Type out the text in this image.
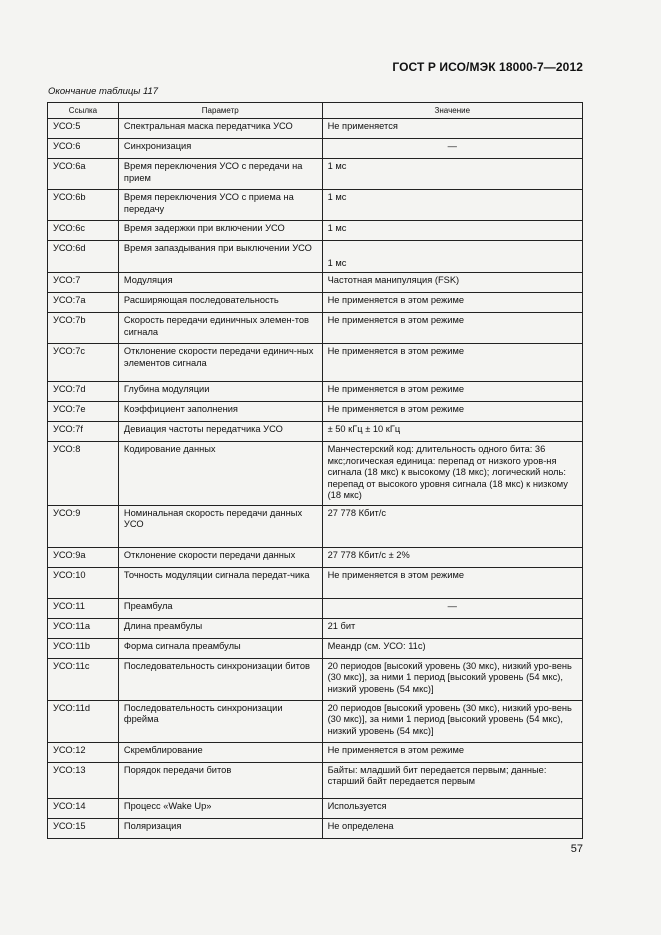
ГОСТ Р ИСО/МЭК 18000-7—2012
Окончание таблицы 117
Ссылка	Параметр	Значение
УСО:5	Спектральная маска передатчика УСО	Не применяется
УСО:6	Синхронизация	—
УСО:6a	Время переключения УСО с передачи на прием	1 мс
УСО:6b	Время переключения УСО с приема на передачу	1 мс
УСО:6c	Время задержки при включении УСО	1 мс
УСО:6d	Время запаздывания при выключении УСО	1 мс
УСО:7	Модуляция	Частотная манипуляция (FSK)
УСО:7a	Расширяющая последовательность	Не применяется в этом режиме
УСО:7b	Скорость передачи единичных элемен-тов сигнала	Не применяется в этом режиме
УСО:7c	Отклонение скорости передачи единич-ных элементов сигнала	Не применяется в этом режиме
УСО:7d	Глубина модуляции	Не применяется в этом режиме
УСО:7e	Коэффициент заполнения	Не применяется в этом режиме
УСО:7f	Девиация частоты передатчика УСО	± 50 кГц ± 10 кГц
УСО:8	Кодирование данных	Манчестерский код: длительность одного бита: 36 мкс;логическая единица: перепад от низкого уров-ня сигнала (18 мкс) к высокому (18 мкс); логический ноль: перепад от высокого уровня сигнала (18 мкс) к низкому (18 мкс)
УСО:9	Номинальная скорость передачи данных УСО	27 778 Кбит/с
УСО:9a	Отклонение скорости передачи данных	27 778 Кбит/с ± 2%
УСО:10	Точность модуляции сигнала передат-чика	Не применяется в этом режиме
УСО:11	Преамбула	—
УСО:11a	Длина преамбулы	21 бит
УСО:11b	Форма сигнала преамбулы	Меандр (см. УСО: 11с)
УСО:11c	Последовательность синхронизации битов	20 периодов [высокий уровень (30 мкс), низкий уро-вень (30 мкс)], за ними 1 период [высокий уровень (54 мкс), низкий уровень (54 мкс)]
УСО:11d	Последовательность синхронизации фрейма	20 периодов [высокий уровень (30 мкс), низкий уро-вень (30 мкс)], за ними 1 период [высокий уровень (54 мкс), низкий уровень (54 мкс)]
УСО:12	Скремблирование	Не применяется в этом режиме
УСО:13	Порядок передачи битов	Байты: младший бит передается первым; данные: старший байт передается первым
УСО:14	Процесс «Wake Up»	Используется
УСО:15	Поляризация	Не определена
57
